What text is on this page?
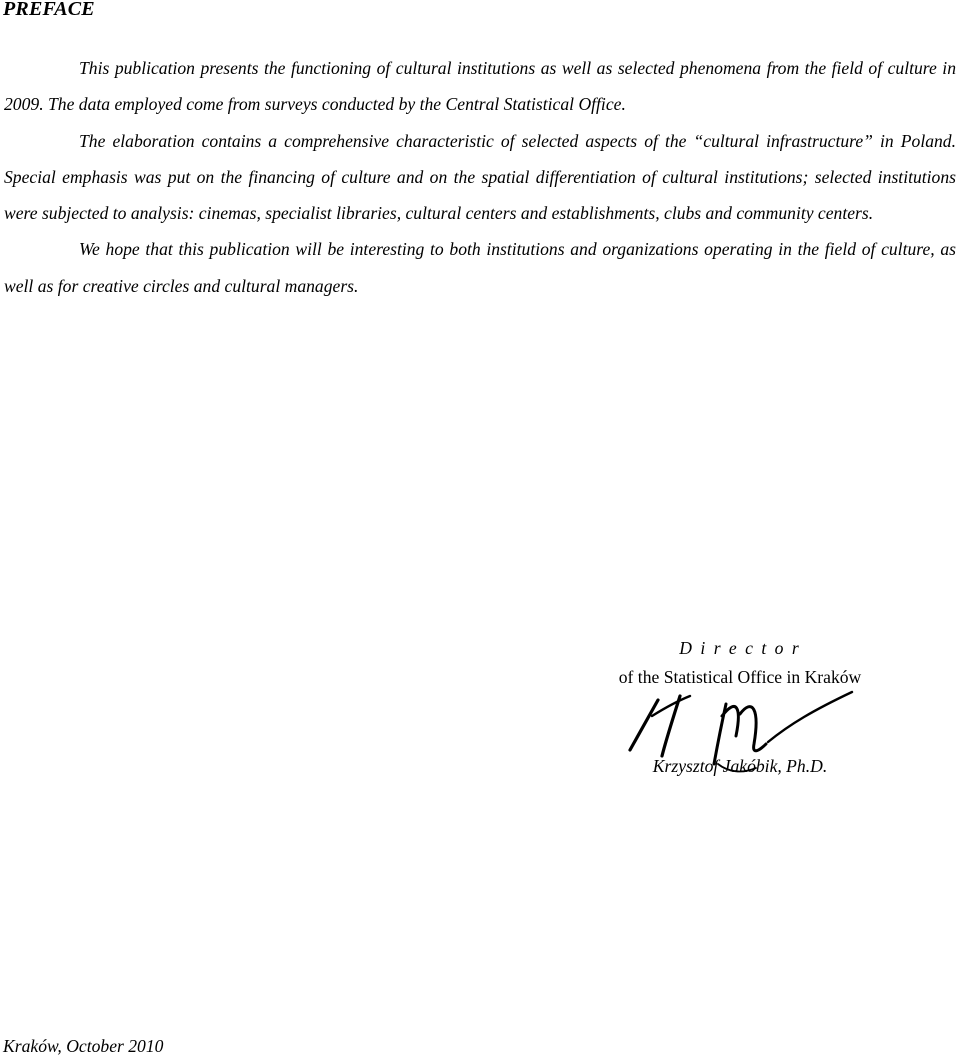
PREFACE

This publication presents the functioning of cultural institutions as well as selected phenomena from the field of culture in 2009. The data employed come from surveys conducted by the Central Statistical Office.

The elaboration contains a comprehensive characteristic of selected aspects of the “cultural infrastructure” in Poland. Special emphasis was put on the financing of culture and on the spatial differentiation of cultural institutions; selected institutions were subjected to analysis: cinemas, specialist libraries, cultural centers and establishments, clubs and community centers.

We hope that this publication will be interesting to both institutions and organizations operating in the field of culture, as well as for creative circles and cultural managers.

D i r e c t o r

of the Statistical Office in Kraków

Krzysztof Jakóbik, Ph.D.

Kraków, October 2010
